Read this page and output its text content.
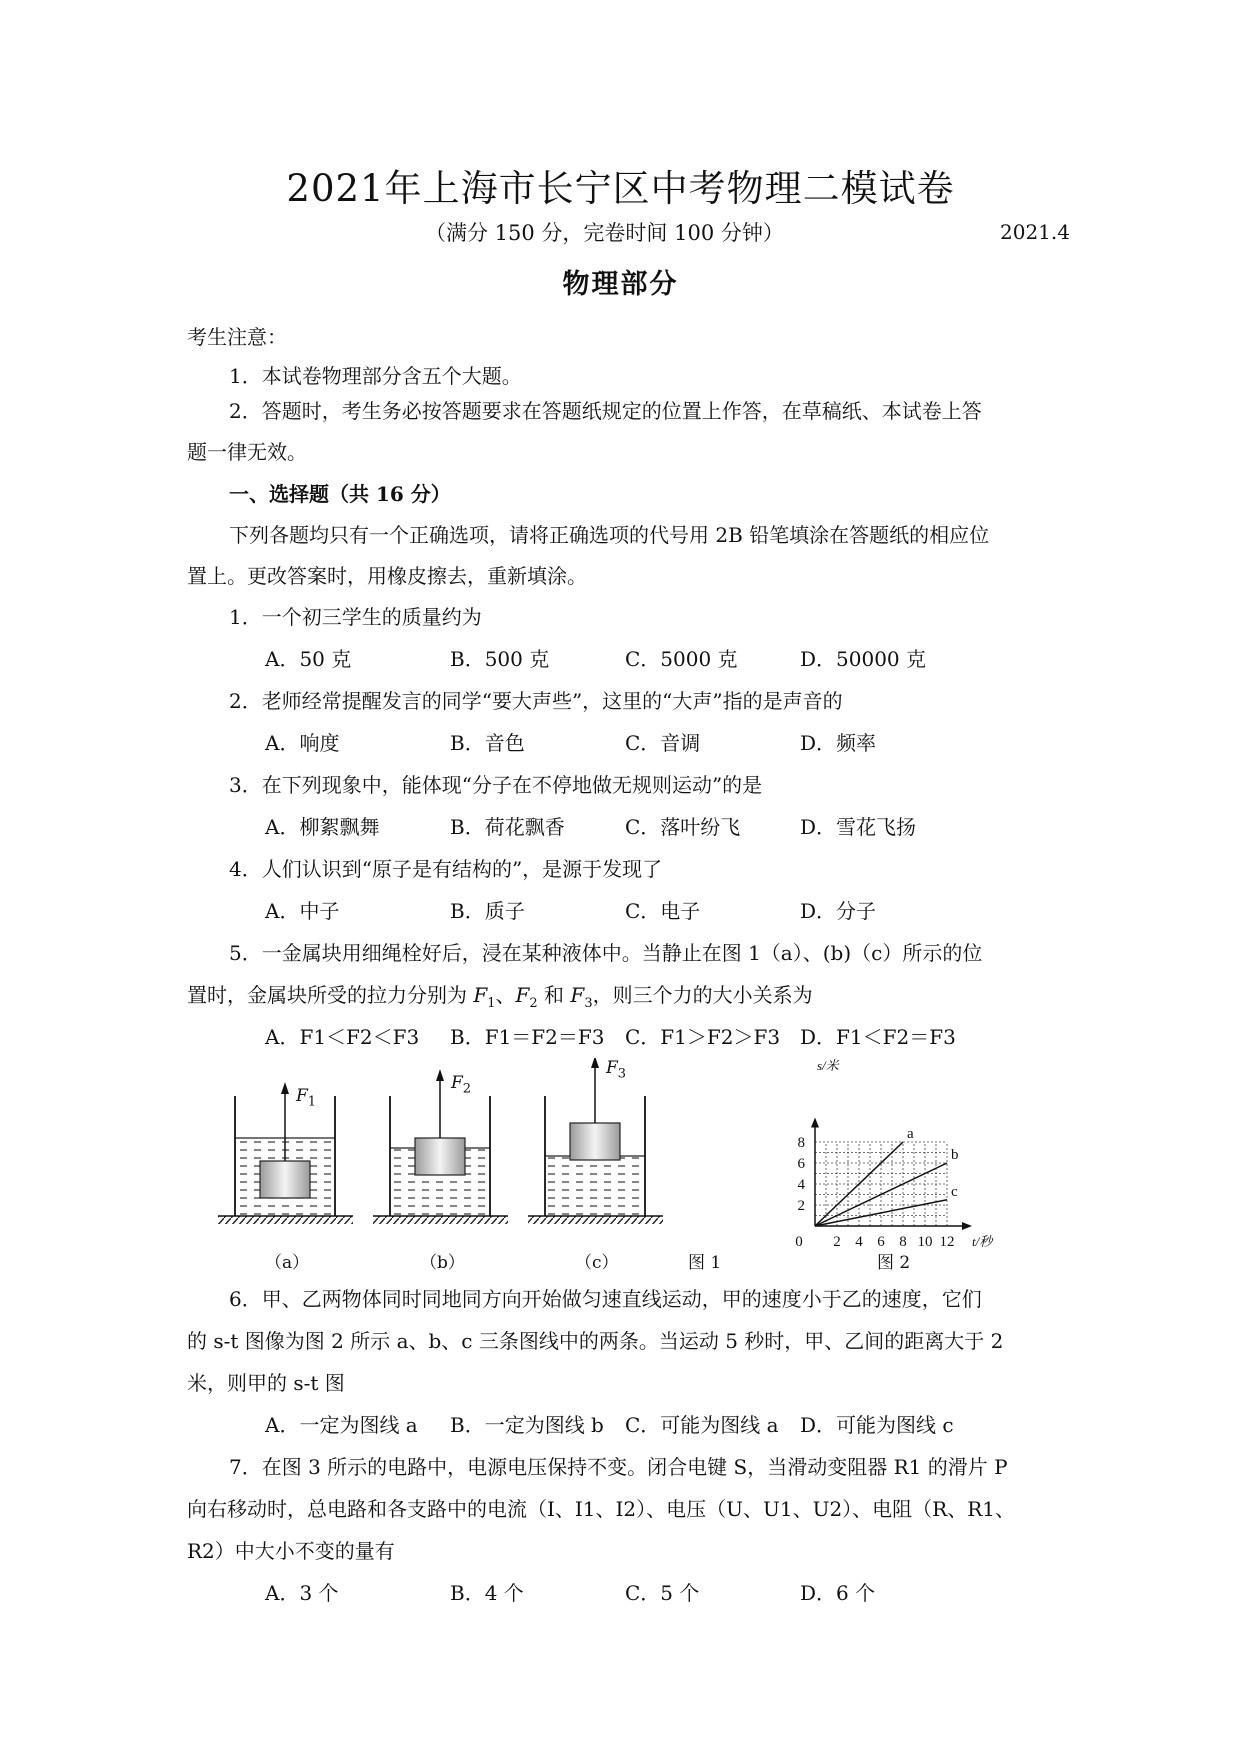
2021年上海市长宁区中考物理二模试卷
（满分 150 分，完卷时间 100 分钟）	2021.4
物理部分
考生注意：
1．本试卷物理部分含五个大题。
2．答题时，考生务必按答题要求在答题纸规定的位置上作答，在草稿纸、本试卷上答
题一律无效。
一、选择题（共 16 分）
下列各题均只有一个正确选项，请将正确选项的代号用 2B 铅笔填涂在答题纸的相应位
置上。更改答案时，用橡皮擦去，重新填涂。
1．一个初三学生的质量约为
A．50 克	B．500 克	C．5000 克	D．50000 克
2．老师经常提醒发言的同学“要大声些”，这里的“大声”指的是声音的
A．响度	B．音色	C．音调	D．频率
3．在下列现象中，能体现“分子在不停地做无规则运动”的是
A．柳絮飘舞	B．荷花飘香	C．落叶纷飞	D．雪花飞扬
4．人们认识到“原子是有结构的”，是源于发现了
A．中子	B．质子	C．电子	D．分子
5．一金属块用细绳栓好后，浸在某种液体中。当静止在图 1（a）、(b)（c）所示的位
置时，金属块所受的拉力分别为 $F_1$、$F_2$ 和 $F_3$，则三个力的大小关系为
A．F1＜F2＜F3 B．F1＝F2＝F3 C．F1＞F2＞F3 D．F1＜F2＝F3
$F_1$
$F_2$
$F_3$
（a）	（b）	（c）	图 1
a
b
c
2 4 6 8 10 12
2
4
6
8
0
s/米
t/秒
图 2
6．甲、乙两物体同时同地同方向开始做匀速直线运动，甲的速度小于乙的速度，它们
的 s-t 图像为图 2 所示 a、b、c 三条图线中的两条。当运动 5 秒时，甲、乙间的距离大于 2
米，则甲的 s-t 图
A．一定为图线 a B．一定为图线 b C．可能为图线 a D．可能为图线 c
7．在图 3 所示的电路中，电源电压保持不变。闭合电键 S，当滑动变阻器 R1 的滑片 P
向右移动时，总电路和各支路中的电流（I、I1、I2）、电压（U、U1、U2）、电阻（R、R1、
R2）中大小不变的量有
A．3 个	B．4 个	C．5 个	D．6 个
